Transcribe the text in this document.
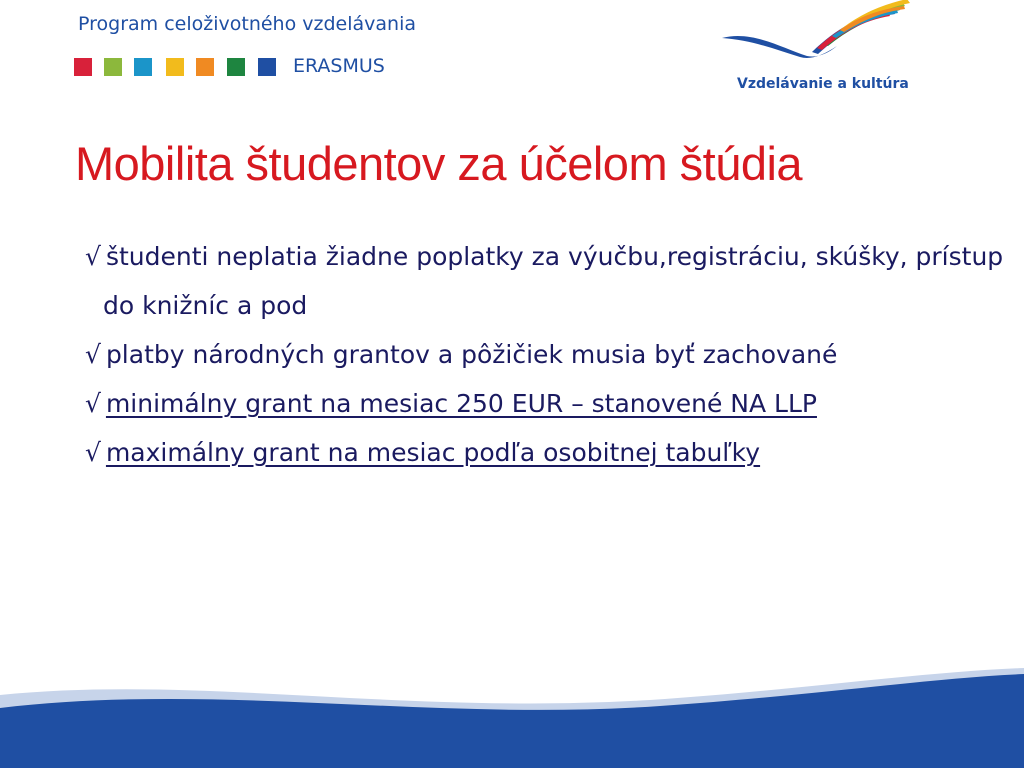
Program celoživotného vzdelávania
ERASMUS
Vzdelávanie a kultúra
Mobilita študentov za účelom štúdia
√ študenti neplatia žiadne poplatky za výučbu,registráciu, skúšky, prístup do knižníc a pod
√ platby národných grantov a pôžičiek musia byť zachované
√ minimálny grant na mesiac 250 EUR – stanovené NA LLP
√ maximálny grant na mesiac podľa osobitnej tabuľky
